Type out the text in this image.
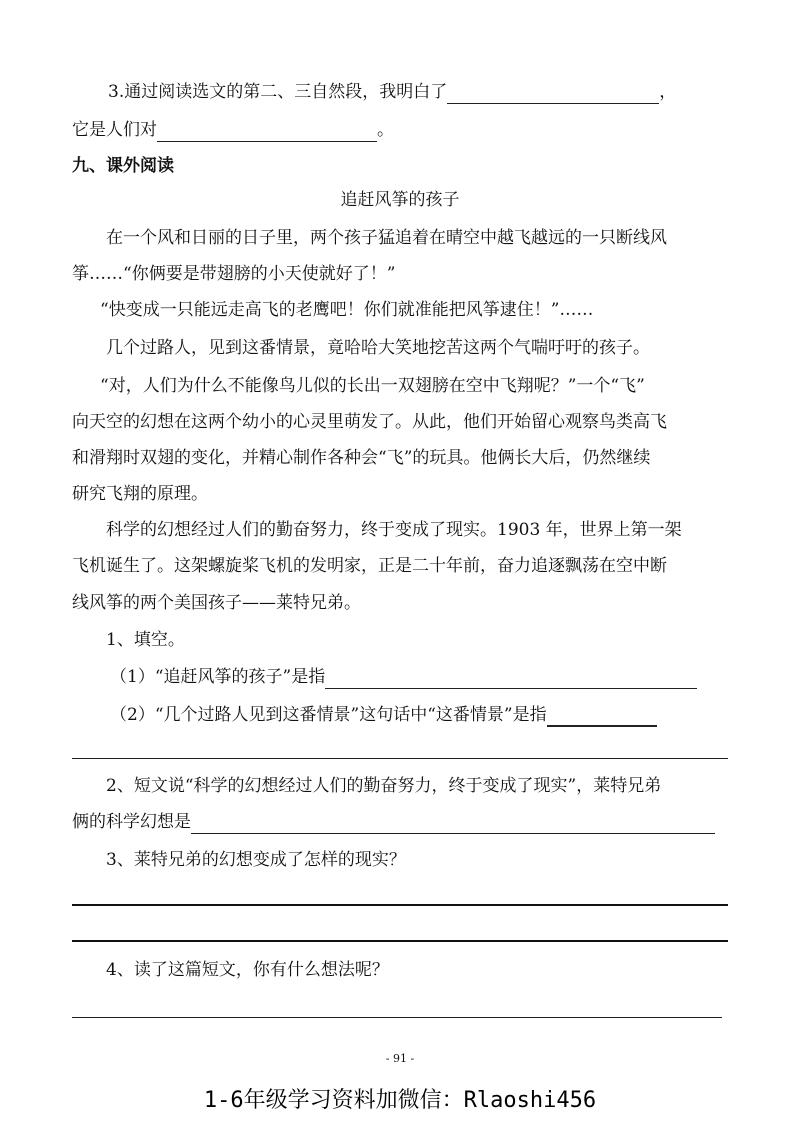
3.通过阅读选文的第二、三自然段，我明白了	，
它是人们对	。
九、课外阅读
追赶风筝的孩子
在一个风和日丽的日子里，两个孩子猛追着在晴空中越飞越远的一只断线风
筝……“你俩要是带翅膀的小天使就好了！”
“快变成一只能远走高飞的老鹰吧！你们就准能把风筝逮住！”……
几个过路人，见到这番情景，竟哈哈大笑地挖苦这两个气喘吁吁的孩子。
“对，人们为什么不能像鸟儿似的长出一双翅膀在空中飞翔呢？”一个“飞”
向天空的幻想在这两个幼小的心灵里萌发了。从此，他们开始留心观察鸟类高飞
和滑翔时双翅的变化，并精心制作各种会“飞”的玩具。他俩长大后，仍然继续
研究飞翔的原理。
科学的幻想经过人们的勤奋努力，终于变成了现实。1903 年，世界上第一架
飞机诞生了。这架螺旋桨飞机的发明家，正是二十年前，奋力追逐飘荡在空中断
线风筝的两个美国孩子——莱特兄弟。
1、填空。
（1）“追赶风筝的孩子”是指
（2）“几个过路人见到这番情景”这句话中“这番情景”是指
2、短文说“科学的幻想经过人们的勤奋努力，终于变成了现实”，莱特兄弟
俩的科学幻想是
3、莱特兄弟的幻想变成了怎样的现实？
4、读了这篇短文，你有什么想法呢？
- 91 -
1-6年级学习资料加微信：Rlaoshi456
